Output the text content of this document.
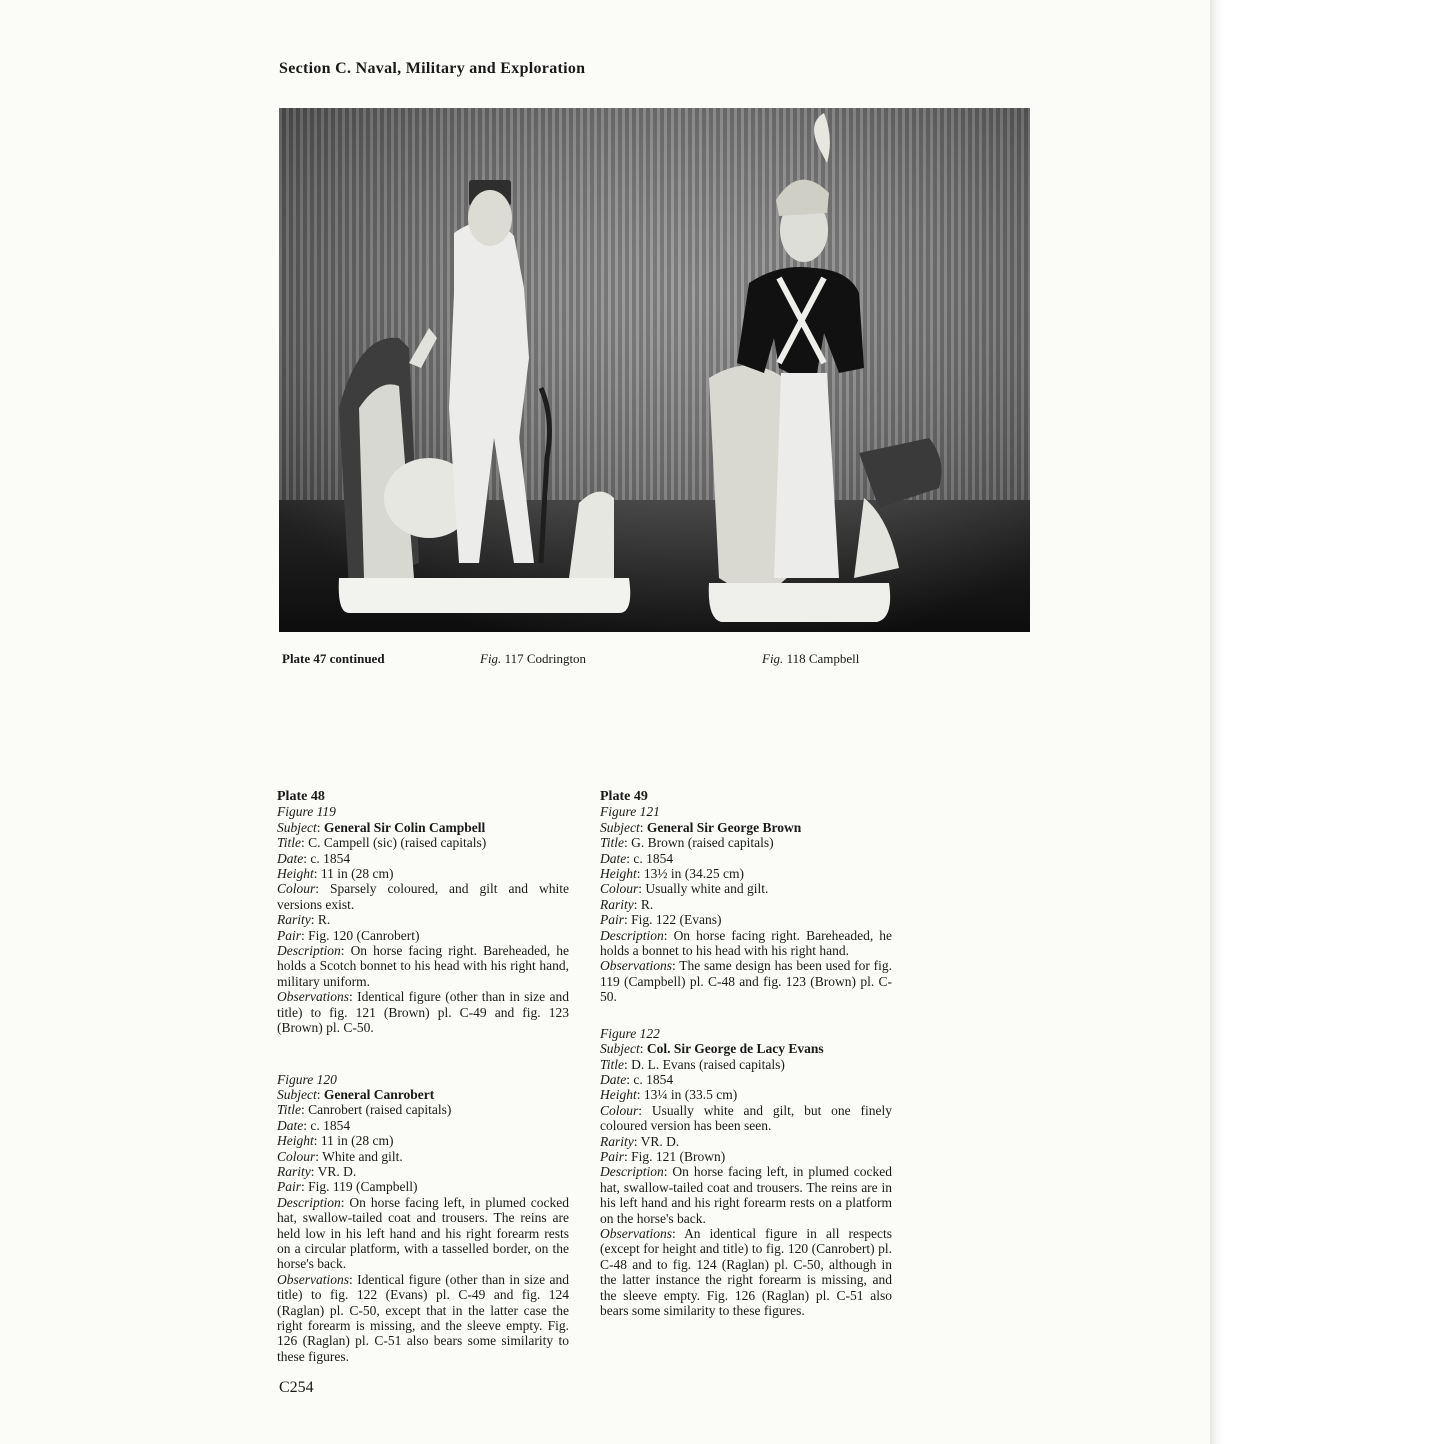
Section C. Naval, Military and Exploration
Plate 47 continued	Fig. 117 Codrington	Fig. 118 Campbell
Plate 48
Figure 119
Subject: General Sir Colin Campbell
Title: C. Campell (sic) (raised capitals)
Date: c. 1854
Height: 11 in (28 cm)
Colour: Sparsely coloured, and gilt and white versions exist.
Rarity: R.
Pair: Fig. 120 (Canrobert)
Description: On horse facing right. Bareheaded, he holds a Scotch bonnet to his head with his right hand, military uniform.
Observations: Identical figure (other than in size and title) to fig. 121 (Brown) pl. C-49 and fig. 123 (Brown) pl. C-50.
Figure 120
Subject: General Canrobert
Title: Canrobert (raised capitals)
Date: c. 1854
Height: 11 in (28 cm)
Colour: White and gilt.
Rarity: VR. D.
Pair: Fig. 119 (Campbell)
Description: On horse facing left, in plumed cocked hat, swallow-tailed coat and trousers. The reins are held low in his left hand and his right forearm rests on a circular platform, with a tasselled border, on the horse's back.
Observations: Identical figure (other than in size and title) to fig. 122 (Evans) pl. C-49 and fig. 124 (Raglan) pl. C-50, except that in the latter case the right forearm is missing, and the sleeve empty. Fig. 126 (Raglan) pl. C-51 also bears some similarity to these figures.
Plate 49
Figure 121
Subject: General Sir George Brown
Title: G. Brown (raised capitals)
Date: c. 1854
Height: 13½ in (34.25 cm)
Colour: Usually white and gilt.
Rarity: R.
Pair: Fig. 122 (Evans)
Description: On horse facing right. Bareheaded, he holds a bonnet to his head with his right hand.
Observations: The same design has been used for fig. 119 (Campbell) pl. C-48 and fig. 123 (Brown) pl. C-50.
Figure 122
Subject: Col. Sir George de Lacy Evans
Title: D. L. Evans (raised capitals)
Date: c. 1854
Height: 13¼ in (33.5 cm)
Colour: Usually white and gilt, but one finely coloured version has been seen.
Rarity: VR. D.
Pair: Fig. 121 (Brown)
Description: On horse facing left, in plumed cocked hat, swallow-tailed coat and trousers. The reins are in his left hand and his right forearm rests on a platform on the horse's back.
Observations: An identical figure in all respects (except for height and title) to fig. 120 (Canrobert) pl. C-48 and to fig. 124 (Raglan) pl. C-50, although in the latter instance the right forearm is missing, and the sleeve empty. Fig. 126 (Raglan) pl. C-51 also bears some similarity to these figures.
C254
